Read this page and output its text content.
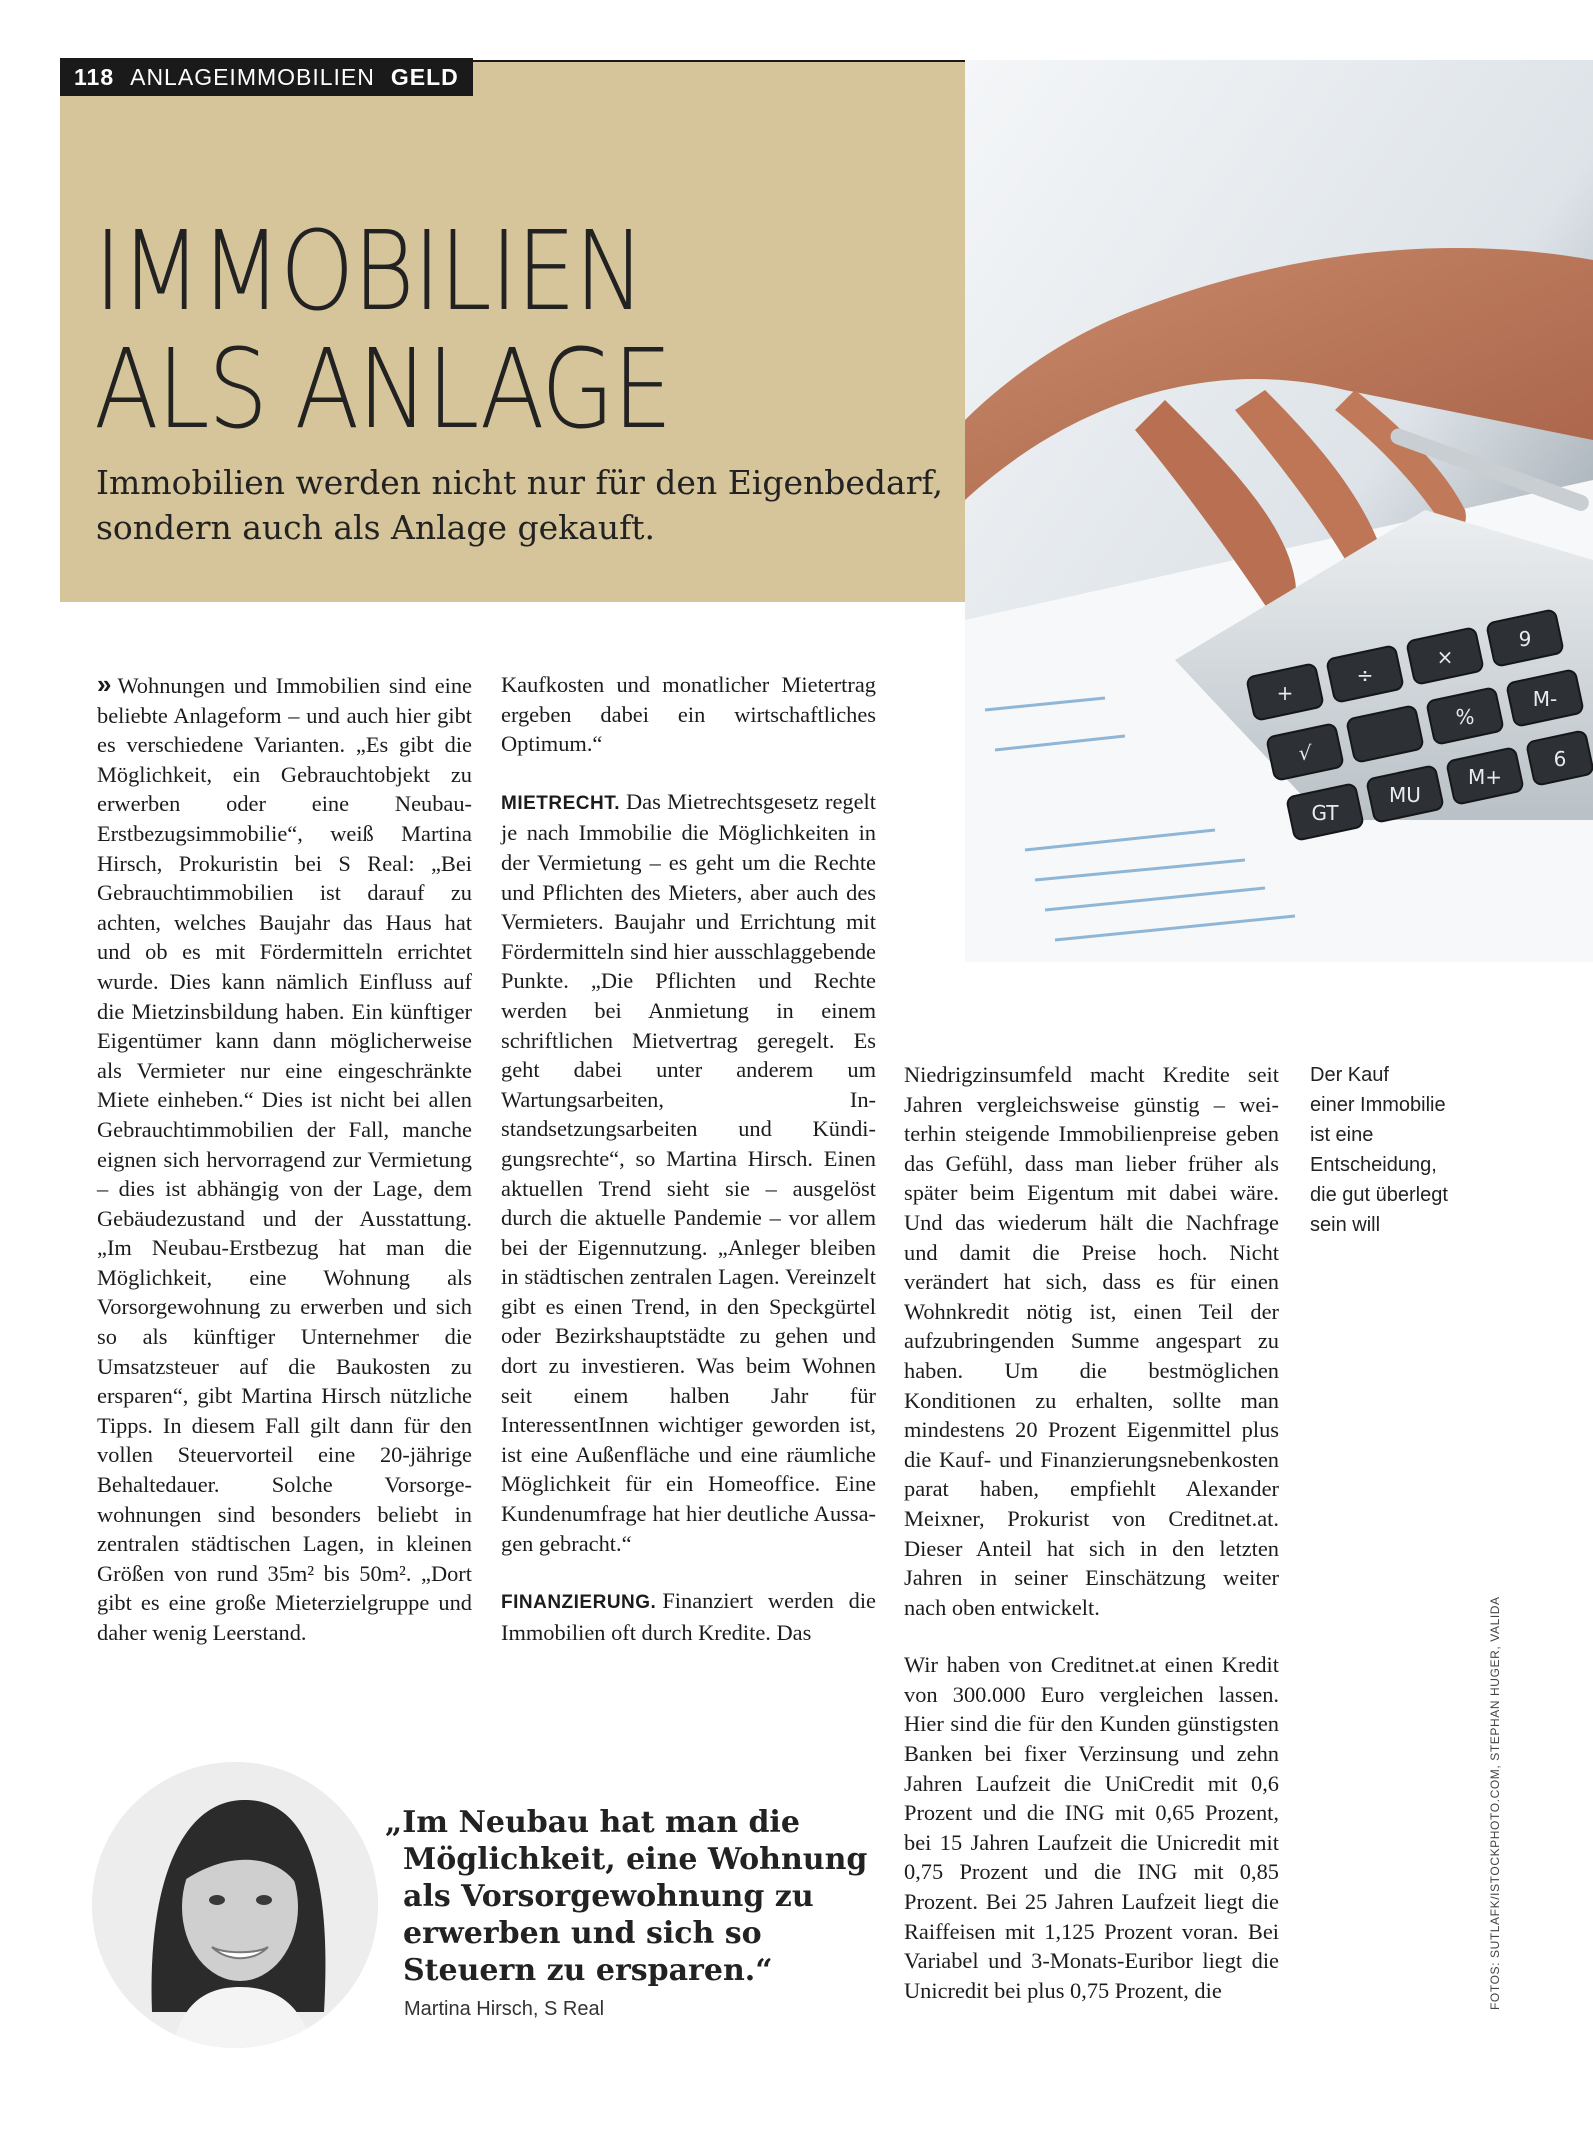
118 ANLAGEIMMOBILIEN GELD
IMMOBILIEN
ALS ANLAGE
Immobilien werden nicht nur für den Eigenbedarf,
sondern auch als Anlage gekauft.
+
÷
√
%
GT
MU
M+
M-
×
9
6

» Wohnungen und Immobilien sind eine beliebte Anlageform – und auch hier gibt es verschiedene Varianten. „Es gibt die Möglichkeit, ein Gebrauchtobjekt zu erwerben oder eine Neubau-Erstbezugsimmobilie“, weiß Martina Hirsch, Prokuristin bei S Real: „Bei Gebrauchtimmobilien ist darauf zu achten, welches Baujahr das Haus hat und ob es mit Fördermitteln errichtet wurde. Dies kann nämlich Einfluss auf die Mietzinsbildung haben. Ein künftiger Eigentümer kann dann möglicherweise als Vermieter nur eine eingeschränkte Miete einheben.“ Dies ist nicht bei allen Gebrauchtimmobilien der Fall, manche eignen sich hervorragend zur Vermietung – dies ist abhängig von der Lage, dem Gebäudezustand und der Ausstattung. „Im Neubau-Erstbezug hat man die Möglichkeit, eine Wohnung als Vorsorgewohnung zu erwerben und sich so als künftiger Unternehmer die Umsatzsteuer auf die Baukosten zu ersparen“, gibt Martina Hirsch nützliche Tipps. In diesem Fall gilt dann für den vollen Steuervorteil eine 20-jährige Behaltedauer. Solche Vorsorgewohnungen sind besonders beliebt in zentralen städtischen Lagen, in kleinen Größen von rund 35m² bis 50m². „Dort gibt es eine große Mieterzielgruppe und daher wenig Leerstand.

Kaufkosten und monatlicher Mietertrag ergeben dabei ein wirtschaftliches Optimum.“

MIETRECHT. Das Mietrechtsgesetz regelt je nach Immobilie die Möglichkeiten in der Vermietung – es geht um die Rechte und Pflichten des Mieters, aber auch des Vermieters. Baujahr und Errichtung mit Fördermitteln sind hier ausschlaggebende Punkte. „Die Pflichten und Rechte werden bei Anmietung in einem schriftlichen Mietvertrag geregelt. Es geht dabei unter anderem um Wartungsarbeiten, Instandsetzungsarbeiten und Kündigungsrechte“, so Martina Hirsch. Einen aktuellen Trend sieht sie – ausgelöst durch die aktuelle Pandemie – vor allem bei der Eigennutzung. „Anleger bleiben in städtischen zentralen Lagen. Vereinzelt gibt es einen Trend, in den Speckgürtel oder Bezirkshauptstädte zu gehen und dort zu investieren. Was beim Wohnen seit einem halben Jahr für InteressentInnen wichtiger geworden ist, ist eine Außenfläche und eine räumliche Möglichkeit für ein Homeoffice. Eine Kundenumfrage hat hier deutliche Aussagen gebracht.“

FINANZIERUNG. Finanziert werden die Immobilien oft durch Kredite. Das

Niedrigzinsumfeld macht Kredite seit Jahren vergleichsweise günstig – weiterhin steigende Immobilienpreise geben das Gefühl, dass man lieber früher als später beim Eigentum mit dabei wäre. Und das wiederum hält die Nachfrage und damit die Preise hoch. Nicht verändert hat sich, dass es für einen Wohnkredit nötig ist, einen Teil der aufzubringenden Summe angespart zu haben. Um die bestmöglichen Konditionen zu erhalten, sollte man mindestens 20 Prozent Eigenmittel plus die Kauf- und Finanzierungsnebenkosten parat haben, empfiehlt Alexander Meixner, Prokurist von Creditnet.at. Dieser Anteil hat sich in den letzten Jahren in seiner Einschätzung weiter nach oben entwickelt.

Wir haben von Creditnet.at einen Kredit von 300.000 Euro vergleichen lassen. Hier sind die für den Kunden günstigsten Banken bei fixer Verzinsung und zehn Jahren Laufzeit die UniCredit mit 0,6 Prozent und die ING mit 0,65 Prozent, bei 15 Jahren Laufzeit die Unicredit mit 0,75 Prozent und die ING mit 0,85 Prozent. Bei 25 Jahren Laufzeit liegt die Raiffeisen mit 1,125 Prozent voran. Bei Variabel und 3-Monats-Euribor liegt die Unicredit bei plus 0,75 Prozent, die

Der Kauf
einer Immobilie
ist eine
Entscheidung,
die gut überlegt
sein will
FOTOS: SUTLAFK/ISTOCKPHOTO.COM, STEPHAN HUGER, VALIDA
„Im Neubau hat man die
Möglichkeit, eine Wohnung
als Vorsorgewohnung zu
erwerben und sich so
Steuern zu ersparen.“
Martina Hirsch, S Real
